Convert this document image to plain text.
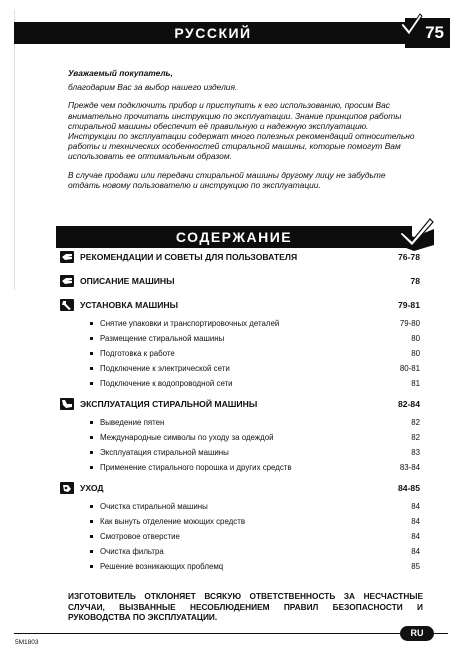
РУССКИЙ	75

Уважаемый покупатель,

благодарим Вас за выбор нашего изделия.

Прежде чем подключить прибор и приступить к его использованию, просим Вас внимательно прочитать инструкцию по эксплуатации. Знание принципов работы стиральной машины обеспечит её правильную и надежную эксплуатацию. Инструкции по эксплуатации содержат много полезных рекомендаций относительно работы и технических особенностей стиральной машины, которые помогут Вам использовать ее оптимальным образом.

В случае продажи или передачи стиральной машины другому лицу не забудьте отдать новому пользователю и инструкцию по эксплуатации.

СОДЕРЖАНИЕ
РЕКОМЕНДАЦИИ И СОВЕТЫ ДЛЯ ПОЛЬЗОВАТЕЛЯ	76-78
ОПИСАНИЕ МАШИНЫ	78
УСТАНОВКА МАШИНЫ	79-81
Снятие упаковки и транспортировочных деталей	79-80
Размещение стиральной машины	80
Подготовка к работе	80
Подключение к электрической сети	80-81
Подключение к водопроводной сети	81
ЭКСПЛУАТАЦИЯ СТИРАЛЬНОЙ МАШИНЫ	82-84
Выведение пятен	82
Международные символы по уходу за одеждой	82
Эксплуатация стиральной машины	83
Применение стирального порошка и других средств	83-84
УХОД	84-85
Очистка стиральной машины	84
Как вынуть отделение моющих средств	84
Смотровое отверстие	84
Очистка фильтра	84
Решение возникающих проблемq	85
ИЗГОТОВИТЕЛЬ ОТКЛОНЯЕТ ВСЯКУЮ ОТВЕТСТВЕННОСТЬ ЗА НЕСЧАСТНЫЕ СЛУЧАИ, ВЫЗВАННЫЕ НЕСОБЛЮДЕНИЕМ ПРАВИЛ БЕЗОПАСНОСТИ И РУКОВОДСТВА ПО ЭКСПЛУАТАЦИИ.
RU
5M1803
